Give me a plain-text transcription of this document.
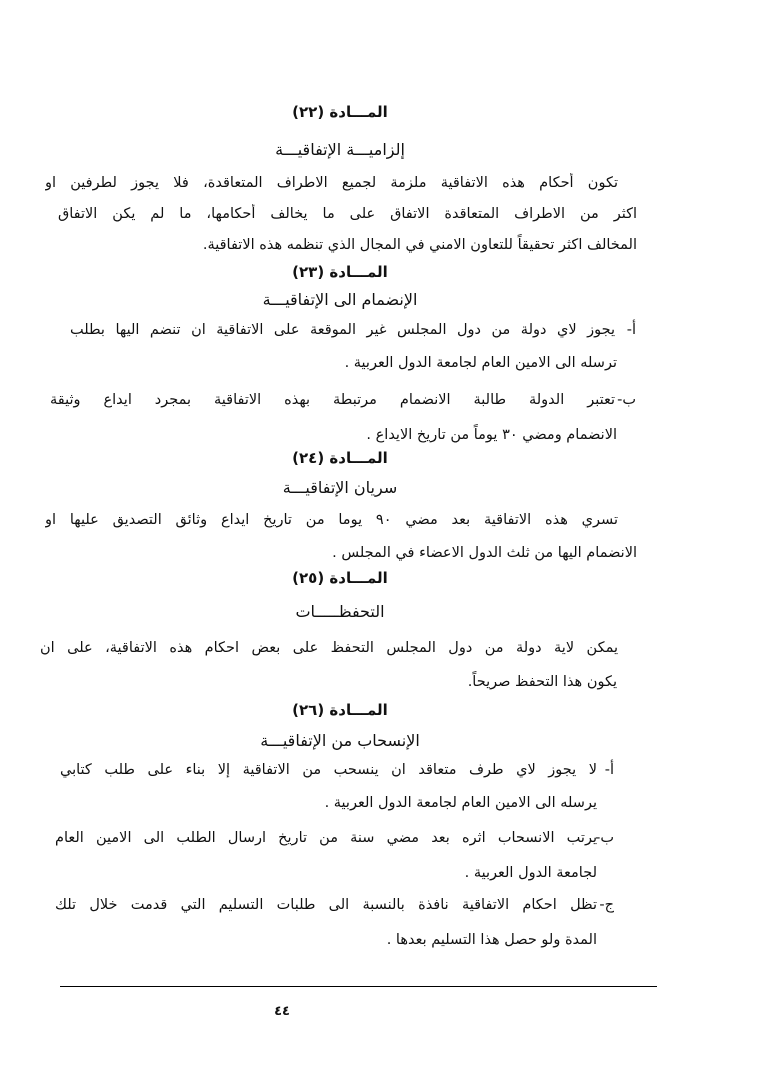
المـــادة (٢٢)
إلزاميـــة الإتفاقيـــة
تكون أحكام هذه الاتفاقية ملزمة لجميع الاطراف المتعاقدة، فلا يجوز لطرفين او
اكثر من الاطراف المتعاقدة الاتفاق على ما يخالف أحكامها، ما لم يكن الاتفاق
المخالف اكثر تحقيقاً للتعاون الامني في المجال الذي تنظمه هذه الاتفاقية.
المـــادة (٢٣)
الإنضمام الى الإتفاقيـــة
أ-
يجوز لاي دولة من دول المجلس غير الموقعة على الاتفاقية ان تنضم اليها بطلب
ترسله الى الامين العام لجامعة الدول العربية .
ب-
تعتبر الدولة طالبة الانضمام مرتبطة بهذه الاتفاقية بمجرد ايداع وثيقة
الانضمام ومضي ٣٠ يوماً من تاريخ الايداع .
المـــادة (٢٤)
سريان الإتفاقيـــة
تسري هذه الاتفاقية بعد مضي ٩٠ يوما من تاريخ ايداع وثائق التصديق عليها او
الانضمام اليها من ثلث الدول الاعضاء في المجلس .
المـــادة (٢٥)
التحفظـــــات
يمكن لاية دولة من دول المجلس التحفظ على بعض احكام هذه الاتفاقية، على ان
يكون هذا التحفظ صريحاً.
المـــادة (٢٦)
الإنسحاب من الإتفاقيـــة
أ-
لا يجوز لاي طرف متعاقد ان ينسحب من الاتفاقية إلا بناء على طلب كتابي
يرسله الى الامين العام لجامعة الدول العربية .
ب-
يرتب الانسحاب اثره بعد مضي سنة من تاريخ ارسال الطلب الى الامين العام
لجامعة الدول العربية .
ج-
تظل احكام الاتفاقية نافذة بالنسبة الى طلبات التسليم التي قدمت خلال تلك
المدة ولو حصل هذا التسليم بعدها .
٤٤
